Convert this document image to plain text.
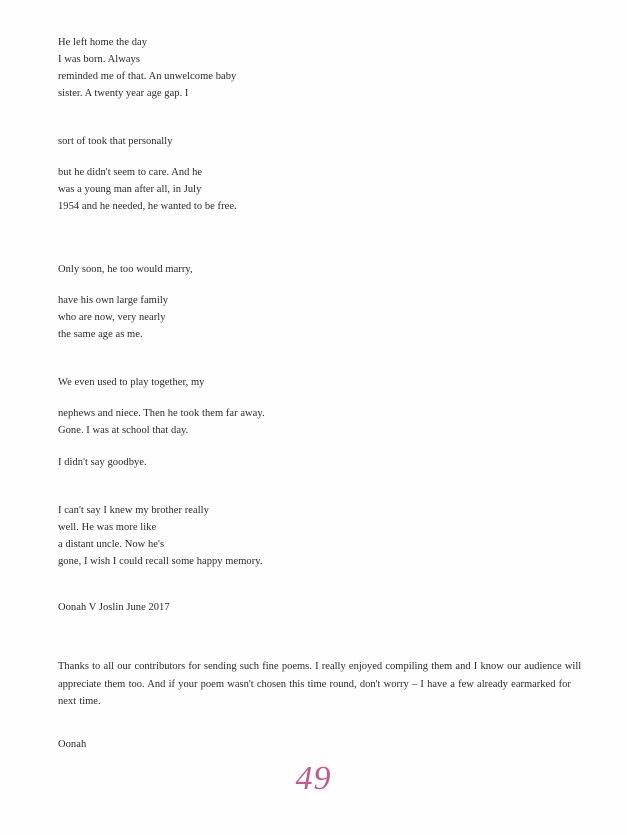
He left home the day
I was born. Always
reminded me of that. An unwelcome baby
sister. A twenty year age gap. I
sort of took that personally
but he didn't seem to care. And he
was a young man after all, in July
1954 and he needed, he wanted to be free.
Only soon, he too would marry,
have his own large family
who are now, very nearly
the same age as me.
We even used to play together, my
nephews and niece. Then he took them far away.
Gone. I was at school that day.
I didn't say goodbye.
I can't say I knew my brother really
well. He was more like
a distant uncle. Now he's
gone, I wish I could recall some happy memory.
Oonah V Joslin June 2017
Thanks to all our contributors for sending such fine poems. I really enjoyed compiling them and I know our audience will appreciate them too. And if your poem wasn't chosen this time round, don't worry – I have a few already earmarked for next time.
Oonah
49
